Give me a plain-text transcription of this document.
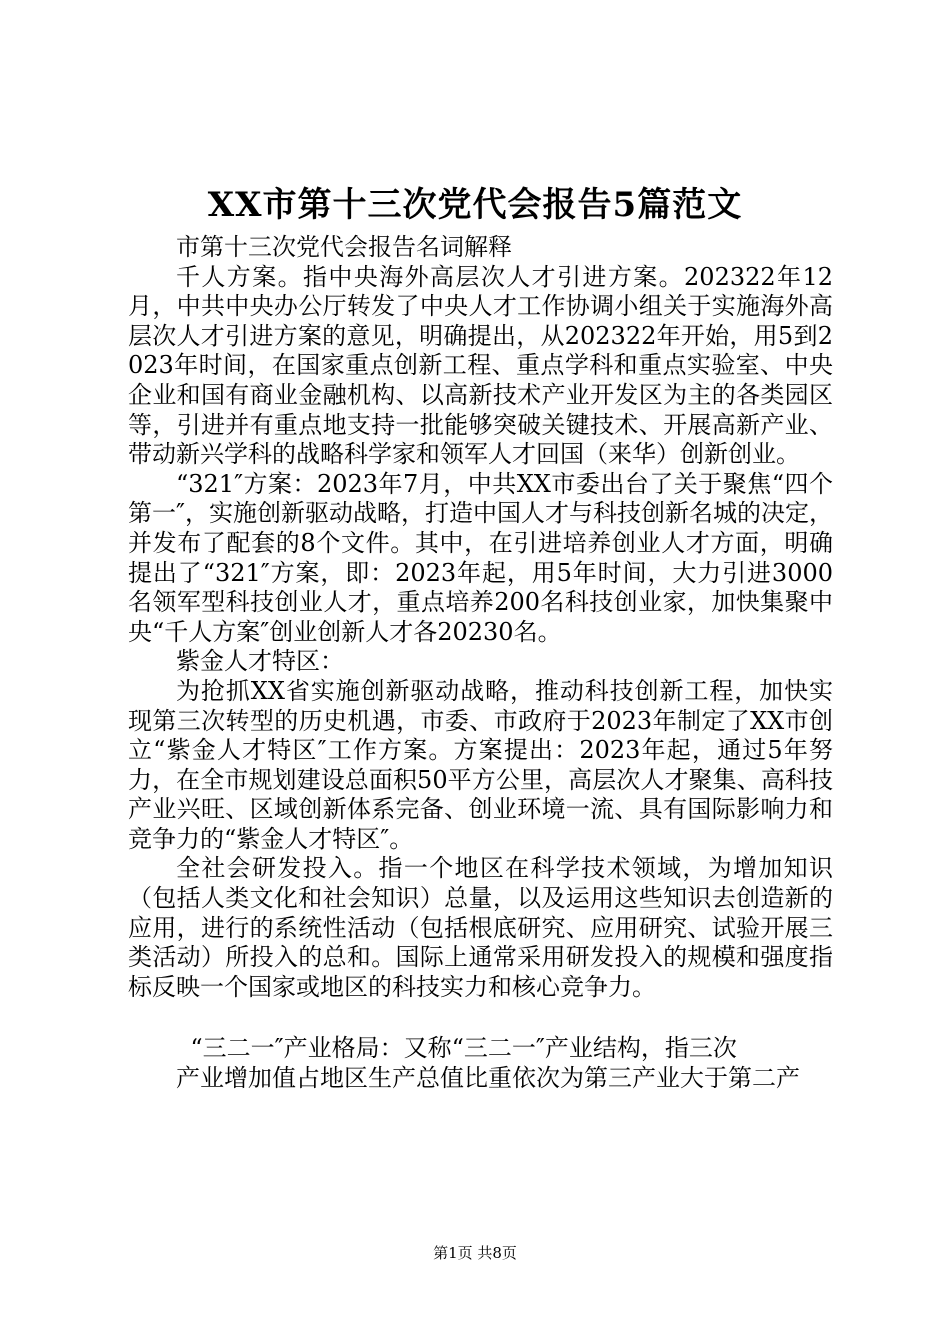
XX市第十三次党代会报告5篇范文

市第十三次党代会报告名词解释

千人方案。指中央海外高层次人才引进方案。202322年12月，中共中央办公厅转发了中央人才工作协调小组关于实施海外高层次人才引进方案的意见，明确提出，从202322年开始，用5到2023年时间，在国家重点创新工程、重点学科和重点实验室、中央企业和国有商业金融机构、以高新技术产业开发区为主的各类园区等，引进并有重点地支持一批能够突破关键技术、开展高新产业、带动新兴学科的战略科学家和领军人才回国（来华）创新创业。

“321″方案：2023年7月，中共XX市委出台了关于聚焦“四个第一″，实施创新驱动战略，打造中国人才与科技创新名城的决定，并发布了配套的8个文件。其中，在引进培养创业人才方面，明确提出了“321″方案，即：2023年起，用5年时间，大力引进3000名领军型科技创业人才，重点培养200名科技创业家，加快集聚中央“千人方案″创业创新人才各20230名。

紫金人才特区：

为抢抓XX省实施创新驱动战略，推动科技创新工程，加快实现第三次转型的历史机遇，市委、市政府于2023年制定了XX市创立“紫金人才特区″工作方案。方案提出：2023年起，通过5年努力，在全市规划建设总面积50平方公里，高层次人才聚集、高科技产业兴旺、区域创新体系完备、创业环境一流、具有国际影响力和竞争力的“紫金人才特区″。

全社会研发投入。指一个地区在科学技术领域，为增加知识（包括人类文化和社会知识）总量，以及运用这些知识去创造新的应用，进行的系统性活动（包括根底研究、应用研究、试验开展三类活动）所投入的总和。国际上通常采用研发投入的规模和强度指标反映一个国家或地区的科技实力和核心竞争力。

“三二一″产业格局：又称“三二一″产业结构，指三次
产业增加值占地区生产总值比重依次为第三产业大于第二产

第1页 共8页
